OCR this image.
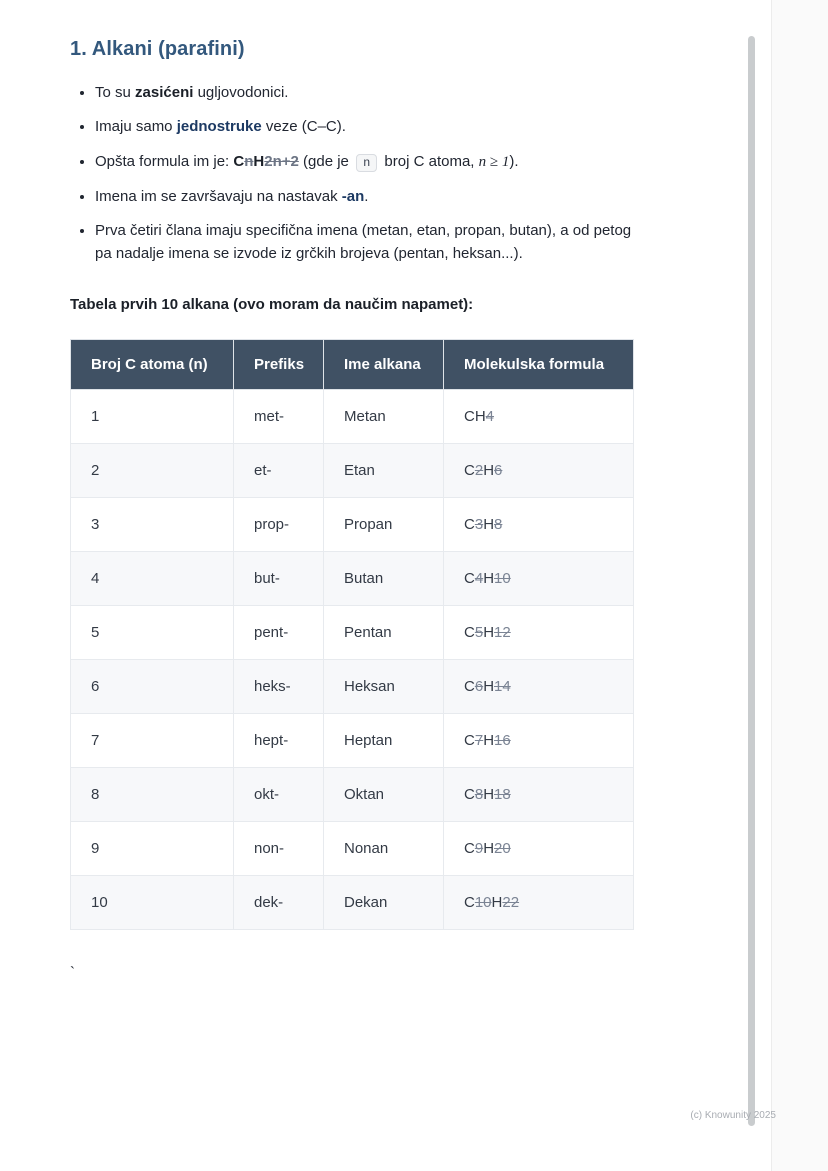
1. Alkani (parafini)
• To su zasićeni ugljovodonici.
• Imaju samo jednostruke veze (C–C).
• Opšta formula im je: CnH2n+2 (gde je n broj C atoma, n ≥ 1).
• Imena im se završavaju na nastavak -an.
• Prva četiri člana imaju specifična imena (metan, etan, propan, butan), a od petog pa nadalje imena se izvode iz grčkih brojeva (pentan, heksan...).

Tabela prvih 10 alkana (ovo moram da naučim napamet):

Broj C atoma (n)	Prefiks	Ime alkana	Molekulska formula
1	met-	Metan	CH4
2	et-	Etan	C2H6
3	prop-	Propan	C3H8
4	but-	Butan	C4H10
5	pent-	Pentan	C5H12
6	heks-	Heksan	C6H14
7	hept-	Heptan	C7H16
8	okt-	Oktan	C8H18
9	non-	Nonan	C9H20
10	dek-	Dekan	C10H22
`
(c) Knowunity 2025
